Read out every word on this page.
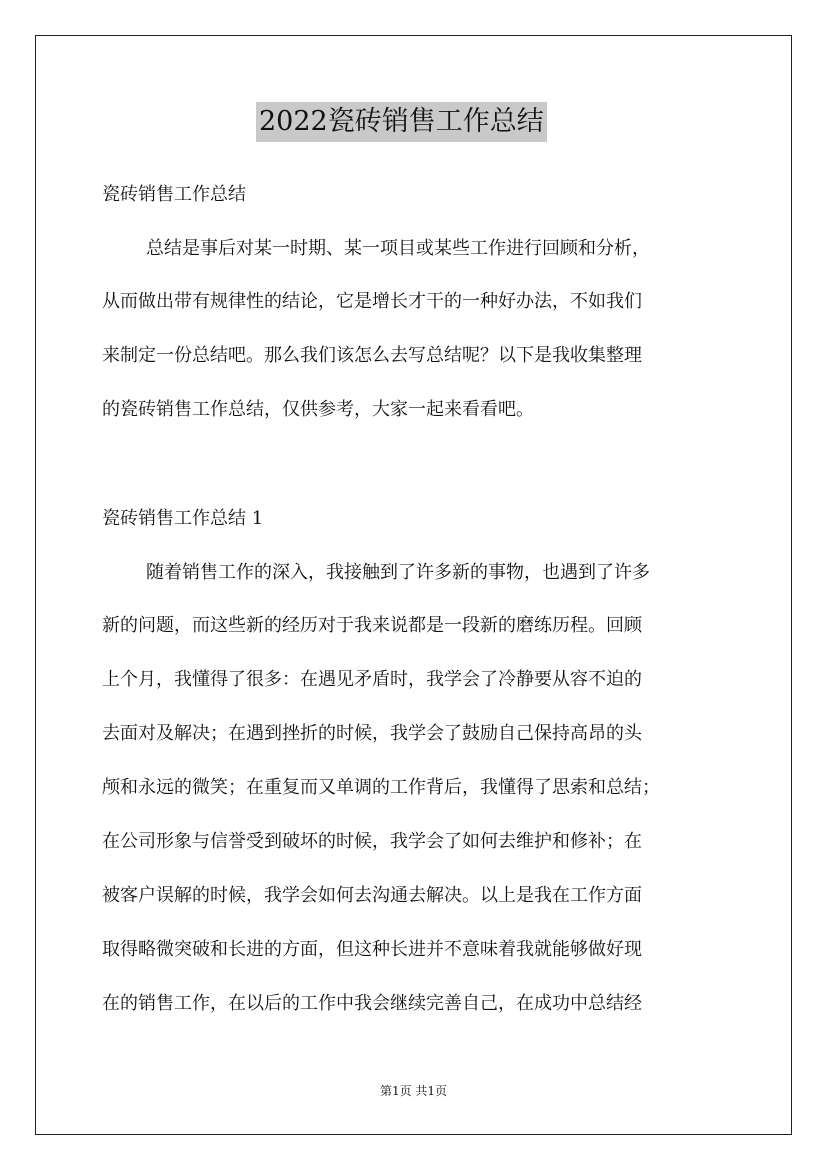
2022瓷砖销售工作总结
瓷砖销售工作总结
总结是事后对某一时期、某一项目或某些工作进行回顾和分析，
从而做出带有规律性的结论，它是增长才干的一种好办法，不如我们
来制定一份总结吧。那么我们该怎么去写总结呢？以下是我收集整理
的瓷砖销售工作总结，仅供参考，大家一起来看看吧。
瓷砖销售工作总结 1
随着销售工作的深入，我接触到了许多新的事物，也遇到了许多
新的问题，而这些新的经历对于我来说都是一段新的磨练历程。回顾
上个月，我懂得了很多：在遇见矛盾时，我学会了冷静要从容不迫的
去面对及解决；在遇到挫折的时候，我学会了鼓励自己保持高昂的头
颅和永远的微笑；在重复而又单调的工作背后，我懂得了思索和总结；
在公司形象与信誉受到破坏的时候，我学会了如何去维护和修补；在
被客户误解的时候，我学会如何去沟通去解决。以上是我在工作方面
取得略微突破和长进的方面，但这种长进并不意味着我就能够做好现
在的销售工作，在以后的工作中我会继续完善自己，在成功中总结经
第1页 共1页
